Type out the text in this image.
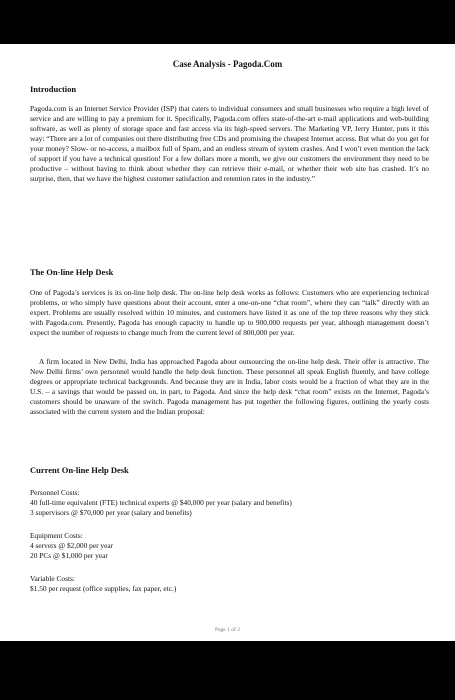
Case Analysis - Pagoda.Com
Introduction

Pagoda.com is an Internet Service Provider (ISP) that caters to individual consumers and small businesses who require a high level of service and are willing to pay a premium for it. Specifically, Pagoda.com offers state-of-the-art e-mail applications and web-building software, as well as plenty of storage space and fast access via its high-speed servers. The Marketing VP, Jerry Hunter, puts it this way: “There are a lot of companies out there distributing free CDs and promising the cheapest Internet access. But what do you get for your money? Slow- or no-access, a mailbox full of Spam, and an endless stream of system crashes. And I won’t even mention the lack of support if you have a technical question! For a few dollars more a month, we give our customers the environment they need to be productive – without having to think about whether they can retrieve their e-mail, or whether their web site has crashed. It’s no surprise, then, that we have the highest customer satisfaction and retention rates in the industry.”

The On-line Help Desk

One of Pagoda’s services is its on-line help desk. The on-line help desk works as follows: Customers who are experiencing technical problems, or who simply have questions about their account, enter a one-on-one “chat room”, where they can “talk” directly with an expert. Problems are usually resolved within 10 minutes, and customers have listed it as one of the top three reasons why they stick with Pagoda.com. Presently, Pagoda has enough capacity to handle up to 900,000 requests per year, although management doesn’t expect the number of requests to change much from the current level of 800,000 per year.

A firm located in New Delhi, India has approached Pagoda about outsourcing the on-line help desk. Their offer is attractive. The New Delhi firms’ own personnel would handle the help desk function. These personnel all speak English fluently, and have college degrees or appropriate technical backgrounds. And because they are in India, labor costs would be a fraction of what they are in the U.S. – a savings that would be passed on, in part, to Pagoda. And since the help desk “chat room” exists on the Internet, Pagoda’s customers should be unaware of the switch. Pagoda management has put together the following figures, outlining the yearly costs associated with the current system and the Indian proposal:

Current On-line Help Desk
Personnel Costs:
40 full-time equivalent (FTE) technical experts @ $40,000 per year (salary and benefits)
3 supervisors @ $70,000 per year (salary and benefits)
Equipment Costs:
4 servers @ $2,000 per year
20 PCs @ $1,000 per year
Variable Costs:
$1.50 per request (office supplies, fax paper, etc.)
Page 1 of 2
